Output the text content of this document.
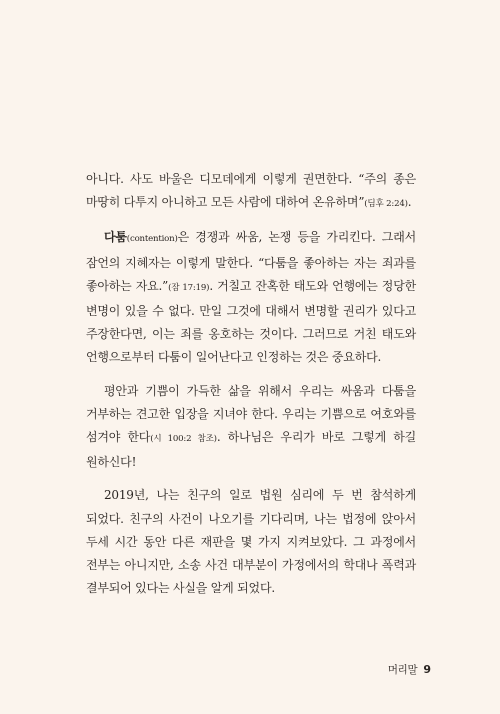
아니다. 사도 바울은 디모데에게 이렇게 권면한다. “주의 종은 마땅히 다투지 아니하고 모든 사람에 대하여 온유하며”(딤후 2:24).

다툼(contention)은 경쟁과 싸움, 논쟁 등을 가리킨다. 그래서 잠언의 지혜자는 이렇게 말한다. “다툼을 좋아하는 자는 죄과를 좋아하는 자요.”(잠 17:19). 거칠고 잔혹한 태도와 언행에는 정당한 변명이 있을 수 없다. 만일 그것에 대해서 변명할 권리가 있다고 주장한다면, 이는 죄를 옹호하는 것이다. 그러므로 거친 태도와 언행으로부터 다툼이 일어난다고 인정하는 것은 중요하다.

평안과 기쁨이 가득한 삶을 위해서 우리는 싸움과 다툼을 거부하는 견고한 입장을 지녀야 한다. 우리는 기쁨으로 여호와를 섬겨야 한다(시 100:2 참조). 하나님은 우리가 바로 그렇게 하길 원하신다!

2019년, 나는 친구의 일로 법원 심리에 두 번 참석하게 되었다. 친구의 사건이 나오기를 기다리며, 나는 법정에 앉아서 두세 시간 동안 다른 재판을 몇 가지 지켜보았다. 그 과정에서 전부는 아니지만, 소송 사건 대부분이 가정에서의 학대나 폭력과 결부되어 있다는 사실을 알게 되었다.

머리말 9
